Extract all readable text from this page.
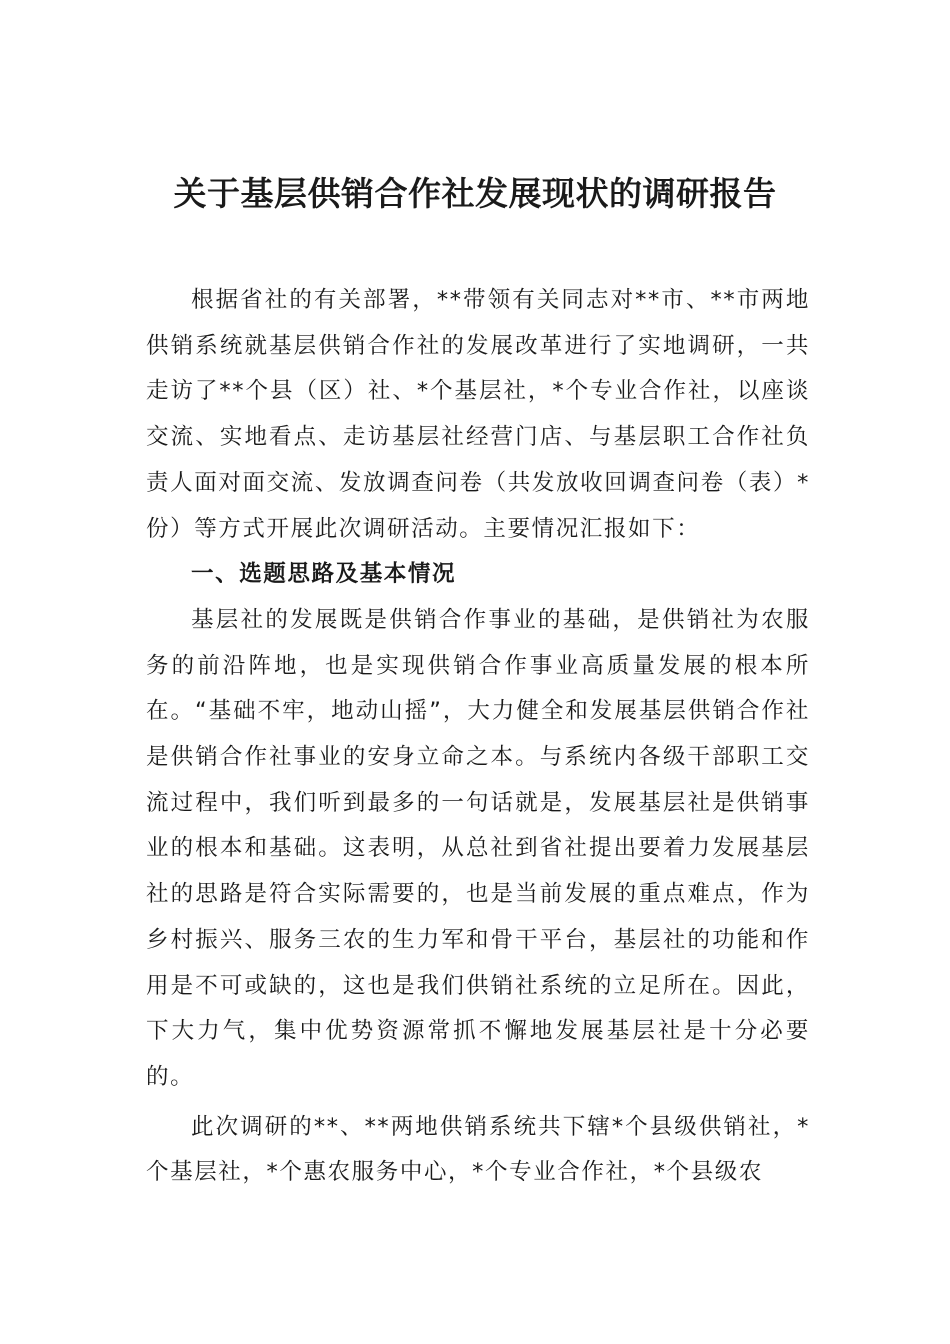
关于基层供销合作社发展现状的调研报告

根据省社的有关部署，**带领有关同志对**市、**市两地供销系统就基层供销合作社的发展改革进行了实地调研，一共走访了**个县（区）社、*个基层社，*个专业合作社，以座谈交流、实地看点、走访基层社经营门店、与基层职工合作社负责人面对面交流、发放调查问卷（共发放收回调查问卷（表）*份）等方式开展此次调研活动。主要情况汇报如下：

一、选题思路及基本情况

基层社的发展既是供销合作事业的基础，是供销社为农服务的前沿阵地，也是实现供销合作事业高质量发展的根本所在。“基础不牢，地动山摇”，大力健全和发展基层供销合作社是供销合作社事业的安身立命之本。与系统内各级干部职工交流过程中，我们听到最多的一句话就是，发展基层社是供销事业的根本和基础。这表明，从总社到省社提出要着力发展基层社的思路是符合实际需要的，也是当前发展的重点难点，作为乡村振兴、服务三农的生力军和骨干平台，基层社的功能和作用是不可或缺的，这也是我们供销社系统的立足所在。因此，下大力气，集中优势资源常抓不懈地发展基层社是十分必要的。

此次调研的**、**两地供销系统共下辖*个县级供销社，*个基层社，*个惠农服务中心，*个专业合作社，*个县级农
